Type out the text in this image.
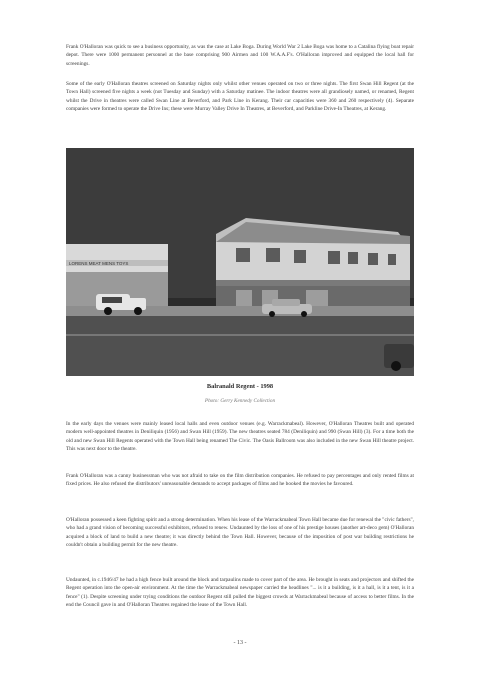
Frank O'Halloran was quick to see a business opportunity, as was the case at Lake Boga. During World War 2 Lake Boga was home to a Catalina flying boat repair depot. There were 1000 permanent personnel at the base comprising 900 Airmen and 100 W.A.A.F's. O'Halloran improved and equipped the local hall for screenings.

Some of the early O'Halloran theatres screened on Saturday nights only whilst other venues operated on two or three nights. The first Swan Hill Regent (at the Town Hall) screened five nights a week (not Tuesday and Sunday) with a Saturday matinee. The indoor theatres were all grandiosely named, or renamed, Regent whilst the Drive in theatres were called Swan Line at Beverford, and Park Line in Kerang. Their car capacities were 360 and 260 respectively (4). Separate companies were formed to operate the Drive Ins; these were Murray Valley Drive In Theatres, at Beverford, and Parkline Drive-In Theatres, at Kerang.

LORENS MEAT MENS TOYS

Balranald Regent - 1998

Photo: Gerry Kennedy Collection

In the early days the venues were mainly leased local halls and even outdoor venues (e.g. Warrackmabeal). However, O'Halloran Theatres built and operated modern well-appointed theatres in Deniliquin (1956) and Swan Hill (1959). The new theatres seated 784 (Deniliquin) and 990 (Swan Hill) (3). For a time both the old and new Swan Hill Regents operated with the Town Hall being renamed The Civic. The Oasis Ballroom was also included in the new Swan Hill theatre project. This was next door to the theatre.

Frank O'Halloran was a canny businessman who was not afraid to take on the film distribution companies. He refused to pay percentages and only rented films at fixed prices. He also refused the distributors' unreasonable demands to accept packages of films and he booked the movies he favoured.

O'Halloran possessed a keen fighting spirit and a strong determination. When his lease of the Warrackmabeal Town Hall became due for renewal the "civic fathers", who had a grand vision of becoming successful exhibitors, refused to renew. Undaunted by the loss of one of his prestige houses (another art-deco gem) O'Halloran acquired a block of land to build a new theatre; it was directly behind the Town Hall. However, because of the imposition of post war building restrictions he couldn't obtain a building permit for the new theatre.

Undaunted, in c.1946/47 he had a high fence built around the block and tarpaulins made to cover part of the area. He brought in seats and projectors and shifted the Regent operation into the open-air environment. At the time the Warrackmabeal newspaper carried the headlines "... is it a building, is it a hall, is it a tent, is it a fence" (1). Despite screening under trying conditions the outdoor Regent still pulled the biggest crowds at Warrackmabeal because of access to better films. In the end the Council gave in and O'Halloran Theatres regained the lease of the Town Hall.

- 13 -
